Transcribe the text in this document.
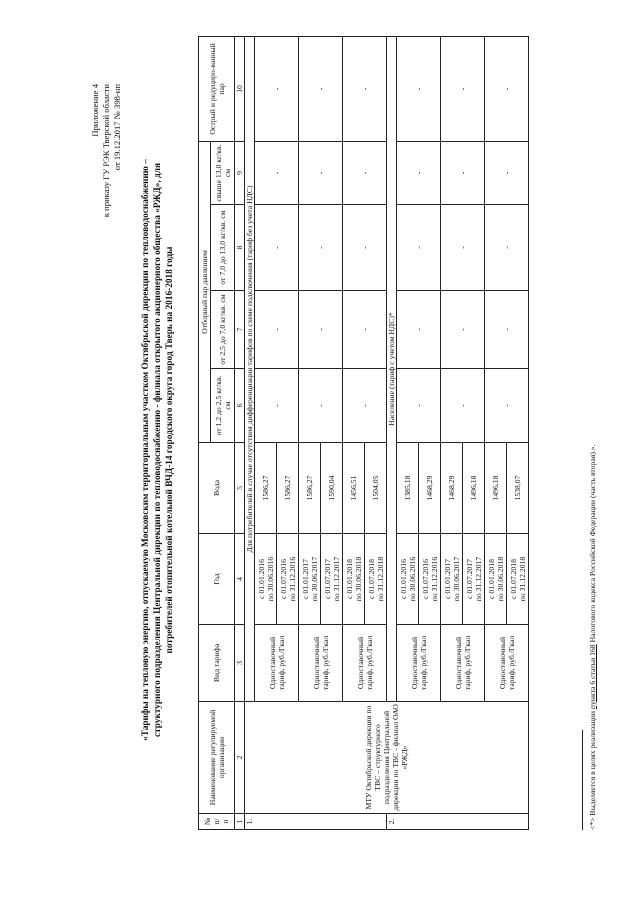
Приложение 4 к приказу ГУ РЭК Тверской области от 19.12.2017 № 398-нп
«Тарифы на тепловую энергию, отпускаемую Московским территориальным участком Октябрьской дирекции по тепловодоснабжению – структурного подразделения Центральной дирекции по тепловодоснабжению - филиала открытого акционерного общества «РЖД», для потребителей отопительной котельной ВЧД-14 городского округа город Тверь на 2016-2018 годы
№ п/ п	Наименование регулируемой организации	Вид тарифа	Год	Вода	Отборный пар давлением				Острый и редуциро-ванный пар
					от 1,2 до 2,5 кг/кв. см	от 2,5 до 7,0 кг/кв. см	от 7,0 до 13,0 кг/кв. см	свыше 13,0 кг/кв. см	
1	2	3	4	5	6	7	8	9	10
1.	МТУ Октябрьской дирекции по ТВС – структурного подразделения Центральной дирекции по ТВС - филиал ОАО «РЖД»	Для потребителей в случае отсутствия дифференциации тарифов по схеме подключения (тариф без учета НДС)							
		Одноставочный тариф, руб./Гкал	с 01.01.2016 по 30.06.2016	1586,27	-	-	-	-	-

			с 01.07.2016 по 31.12.2016	1586,27					

		Одноставочный тариф, руб./Гкал	с 01.01.2017 по 30.06.2017	1586,27	-	-	-	-	-

			с 01.07.2017 по 31.12.2017	1590,04					

		Одноставочный тариф, руб./Гкал	с 01.01.2018 по 30.06.2018	1456,51	-	-	-	-	-

			с 01.07.2018 по 31.12.2018	1504,05					

2.		Население (тариф с учетом НДС)*							
		Одноставочный тариф, руб./Гкал	с 01.01.2016 по 30.06.2016	1385,18	-	-	-	-	-

			с 01.07.2016 по 31.12.2016	1468,29					

		Одноставочный тариф, руб./Гкал	с 01.01.2017 по 30.06.2017	1468,29	-	-	-	-	-

			с 01.07.2017 по 31.12.2017	1496,18					

		Одноставочный тариф, руб./Гкал	с 01.01.2018 по 30.06.2018	1496,18	-	-	-	-	-

			с 01.07.2018 по 31.12.2018	1538,07					

<*> Выделяется в целях реализации пункта 6 статьи 168 Налогового кодекса Российской Федерации (часть вторая).».
